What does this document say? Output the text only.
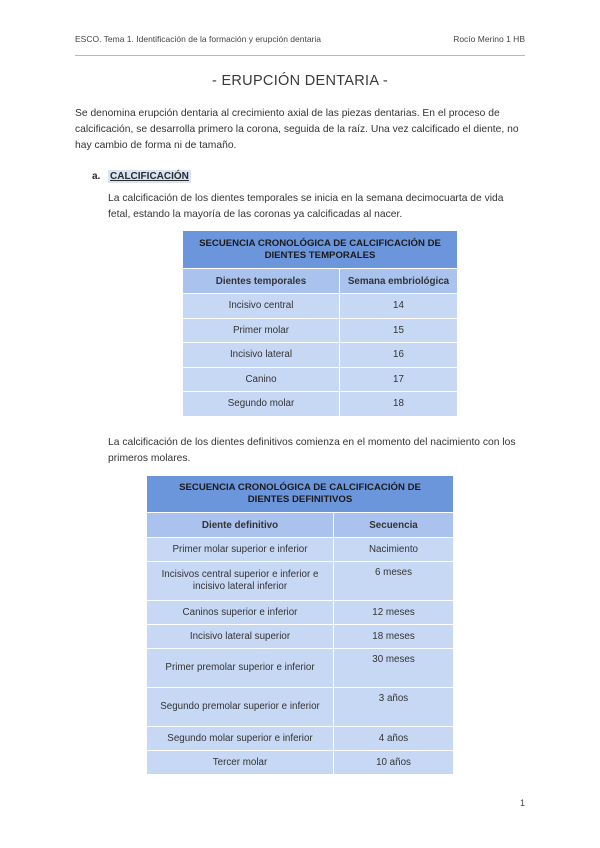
ESCO. Tema 1. Identificación de la formación y erupción dentaria	Rocío Merino 1 HB
- ERUPCIÓN DENTARIA -

Se denomina erupción dentaria al crecimiento axial de las piezas dentarias. En el proceso de calcificación, se desarrolla primero la corona, seguida de la raíz. Una vez calcificado el diente, no hay cambio de forma ni de tamaño.

a. CALCIFICACIÓN

La calcificación de los dientes temporales se inicia en la semana decimocuarta de vida fetal, estando la mayoría de las coronas ya calcificadas al nacer.

SECUENCIA CRONOLÓGICA DE CALCIFICACIÓN DE DIENTES TEMPORALES	
Dientes temporales	Semana embriológica
Incisivo central	14
Primer molar	15
Incisivo lateral	16
Canino	17
Segundo molar	18

La calcificación de los dientes definitivos comienza en el momento del nacimiento con los primeros molares.

SECUENCIA CRONOLÓGICA DE CALCIFICACIÓN DE DIENTES DEFINITIVOS	
Diente definitivo	Secuencia
Primer molar superior e inferior	Nacimiento
Incisivos central superior e inferior e incisivo lateral inferior	6 meses
Caninos superior e inferior	12 meses
Incisivo lateral superior	18 meses
Primer premolar superior e inferior	30 meses
Segundo premolar superior e inferior	3 años
Segundo molar superior e inferior	4 años
Tercer molar	10 años
1
